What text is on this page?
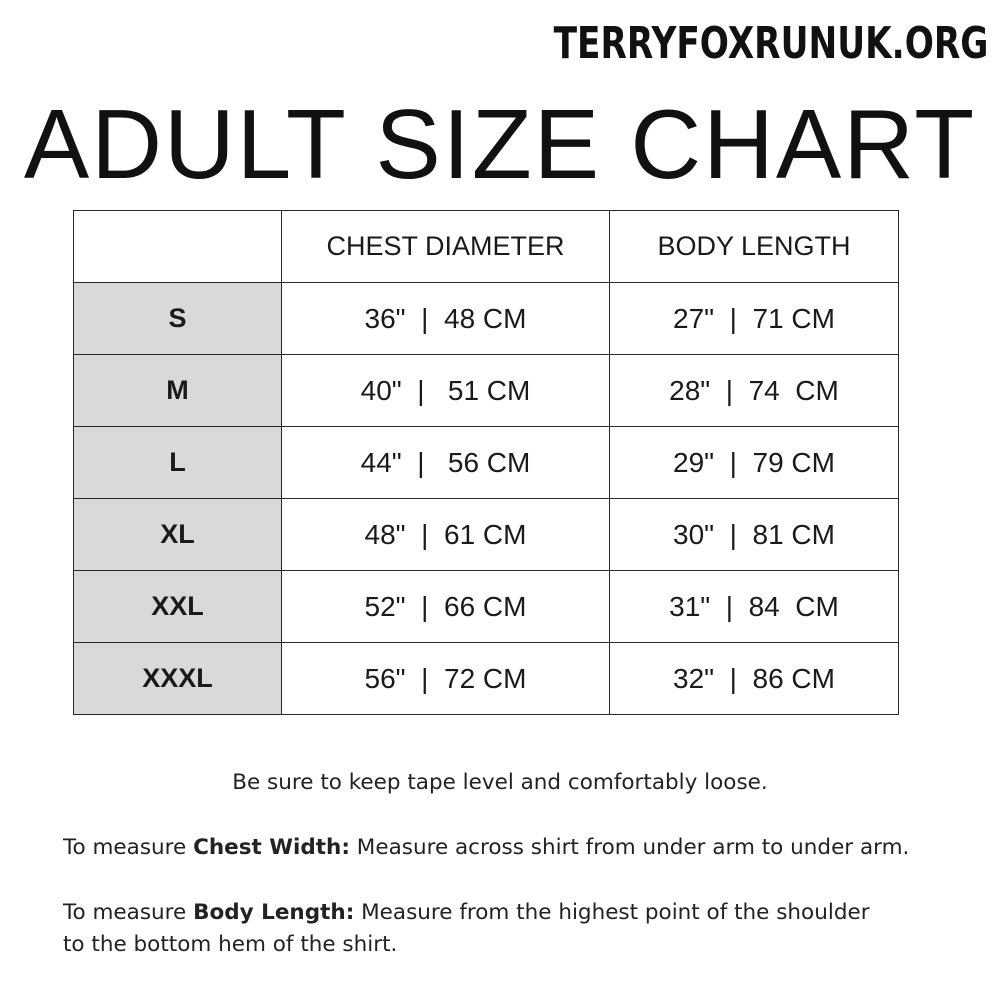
TERRYFOXRUNUK.ORG
ADULT SIZE CHART
	CHEST DIAMETER	BODY LENGTH
S	36"  |  48 CM	27"  |  71 CM
M	40"  |   51 CM	28"  |  74  CM
L	44"  |   56 CM	29"  |  79 CM
XL	48"  |  61 CM	30"  |  81 CM
XXL	52"  |  66 CM	31"  |  84  CM
XXXL	56"  |  72 CM	32"  |  86 CM
Be sure to keep tape level and comfortably loose.
To measure Chest Width: Measure across shirt from under arm to under arm.
To measure Body Length: Measure from the highest point of the shoulder
to the bottom hem of the shirt.
